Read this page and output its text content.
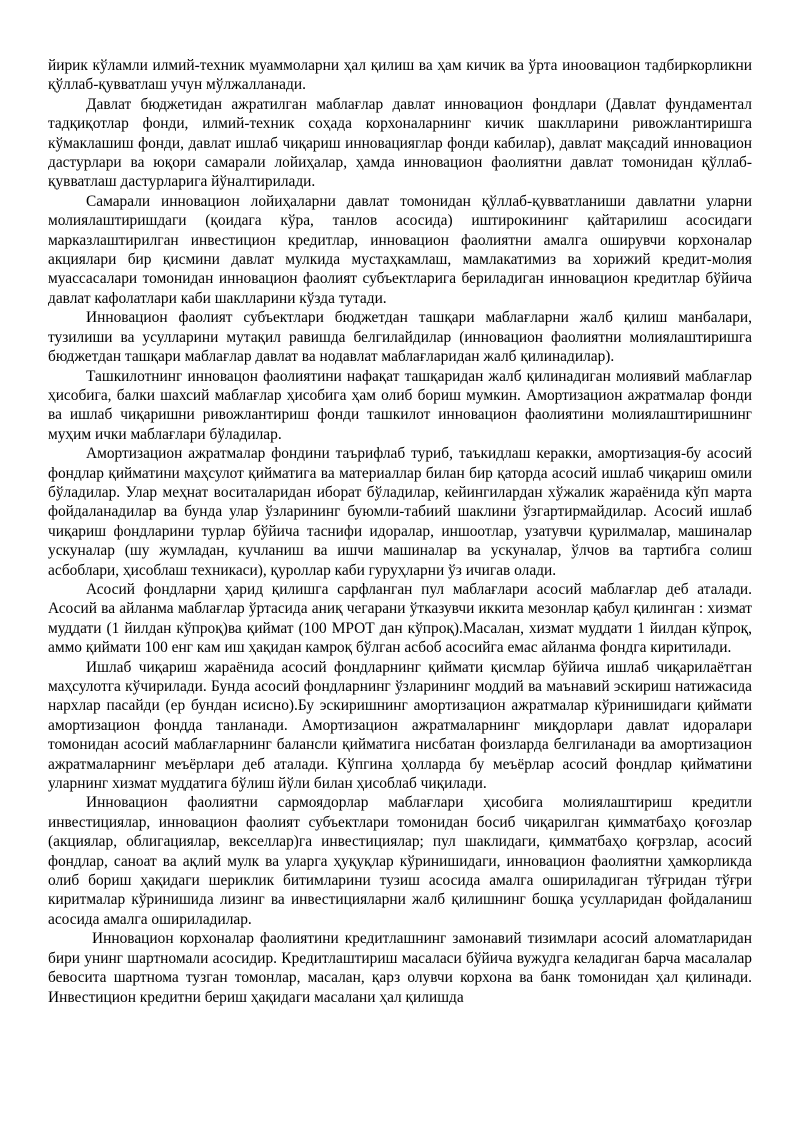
йирик кўламли илмий-техник муаммоларни ҳал қилиш ва ҳам кичик ва ўрта иноовацион тадбиркорликни қўллаб-қувватлаш учун мўлжалланади.

Давлат бюджетидан ажратилган маблағлар давлат инновацион фондлари (Давлат фундаментал тадқиқотлар фонди, илмий-техник соҳада корхоналарнинг кичик шаклларини ривожлантиришга кўмаклашиш фонди, давлат ишлаб чиқариш инновацияглар фонди кабилар), давлат мақсадий инновацион дастурлари ва юқори самарали лойиҳалар, ҳамда инновацион фаолиятни давлат томонидан қўллаб-қувватлаш дастурларига йўналтирилади.

Самарали инновацион лойиҳаларни давлат томонидан қўллаб-қувватланиши давлатни уларни молиялаштиришдаги (қоидага кўра, танлов асосида) иштирокининг қайтарилиш асосидаги марказлаштирилган инвестицион кредитлар, инновацион фаолиятни амалга оширувчи корхоналар акциялари бир қисмини давлат мулкида мустаҳкамлаш, мамлакатимиз ва хорижий кредит-молия муассасалари томонидан инновацион фаолият субъектларига бериладиган инновацион кредитлар бўйича давлат кафолатлари каби шаклларини кўзда тутади.

Инновацион фаолият субъектлари бюджетдан ташқари маблағларни жалб қилиш манбалари, тузилиши ва усулларини мутақил равишда белгилайдилар (инновацион фаолиятни молиялаштиришга бюджетдан ташқари маблағлар давлат ва нодавлат маблағларидан жалб қилинадилар).

Ташкилотнинг инновацон фаолиятини нафақат ташқаридан жалб қилинадиган молиявий маблағлар ҳисобига, балки шахсий маблағлар ҳисобига ҳам олиб бориш мумкин. Амортизацион ажратмалар фонди ва ишлаб чиқаришни ривожлантириш фонди ташкилот инновацион фаолиятини молиялаштиришнинг муҳим ички маблағлари бўладилар.

Амортизацион ажратмалар фондини таърифлаб туриб, таъкидлаш керакки, амортизация-бу асосий фондлар қийматини маҳсулот қийматига ва материаллар билан бир қаторда асосий ишлаб чиқариш омили бўладилар. Улар меҳнат воситаларидан иборат бўладилар, кейингилардан хўжалик жараёнида кўп марта фойдаланадилар ва бунда улар ўзларининг буюмли-табиий шаклини ўзгартирмайдилар. Асосий ишлаб чиқариш фондларини турлар бўйича таснифи идоралар, иншоотлар, узатувчи қурилмалар, машиналар ускуналар (шу жумладан, кучланиш ва ишчи машиналар ва ускуналар, ўлчов ва тартибга солиш асбоблари, ҳисоблаш техникаси), қуроллар каби гуруҳларни ўз ичигав олади.

Асосий фондларни ҳарид қилишга сарфланган пул маблағлари асосий маблағлар деб аталади. Асосий ва айланма маблағлар ўртасида аниқ чегарани ўтказувчи иккита мезонлар қабул қилинган : хизмат муддати (1 йилдан кўпроқ)ва қиймат (100 МРОТ дан кўпроқ).Масалан, хизмат муддати 1 йилдан кўпроқ, аммо қиймати 100 енг кам иш ҳақидан камроқ бўлган асбоб асосийга емас айланма фондга киритилади.

Ишлаб чиқариш жараёнида асосий фондларнинг қиймати қисмлар бўйича ишлаб чиқарилаётган маҳсулотга кўчирилади. Бунда асосий фондларнинг ўзларининг моддий ва маънавий эскириш натижасида нархлар пасайди (ер бундан исисно).Бу эскиришнинг амортизацион ажратмалар кўринишидаги қиймати амортизацион фондда танланади. Амортизацион ажратмаларнинг миқдорлари давлат идоралари томонидан асосий маблағларнинг балансли қийматига нисбатан фоизларда белгиланади ва амортизацион ажратмаларнинг меъёрлари деб аталади. Кўпгина ҳолларда бу меъёрлар асосий фондлар қийматини уларнинг хизмат муддатига бўлиш йўли билан ҳисоблаб чиқилади.

Инновацион фаолиятни сармоядорлар маблағлари ҳисобига молиялаштириш кредитли инвестициялар, инновацион фаолият субъектлари томонидан босиб чиқарилган қимматбаҳо қоғозлар (акциялар, облигациялар, векселлар)га инвестициялар; пул шаклидаги, қимматбаҳо қоғрзлар, асосий фондлар, саноат ва ақлий мулк ва уларга ҳуқуқлар кўринишидаги, инновацион фаолиятни ҳамкорликда олиб бориш ҳақидаги шериклик битимларини тузиш асосида амалга ошириладиган тўғридан тўғри киритмалар кўринишида лизинг ва инвестицияларни жалб қилишнинг бошқа усулларидан фойдаланиш асосида амалга ошириладилар.

Инновацион корхоналар фаолиятини кредитлашнинг замонавий тизимлари асосий аломатларидан бири унинг шартномали асосидир. Кредитлаштириш масаласи бўйича вужудга келадиган барча масалалар бевосита шартнома тузган томонлар, масалан, қарз олувчи корхона ва банк томонидан ҳал қилинади. Инвестицион кредитни бериш ҳақидаги масалани ҳал қилишда
